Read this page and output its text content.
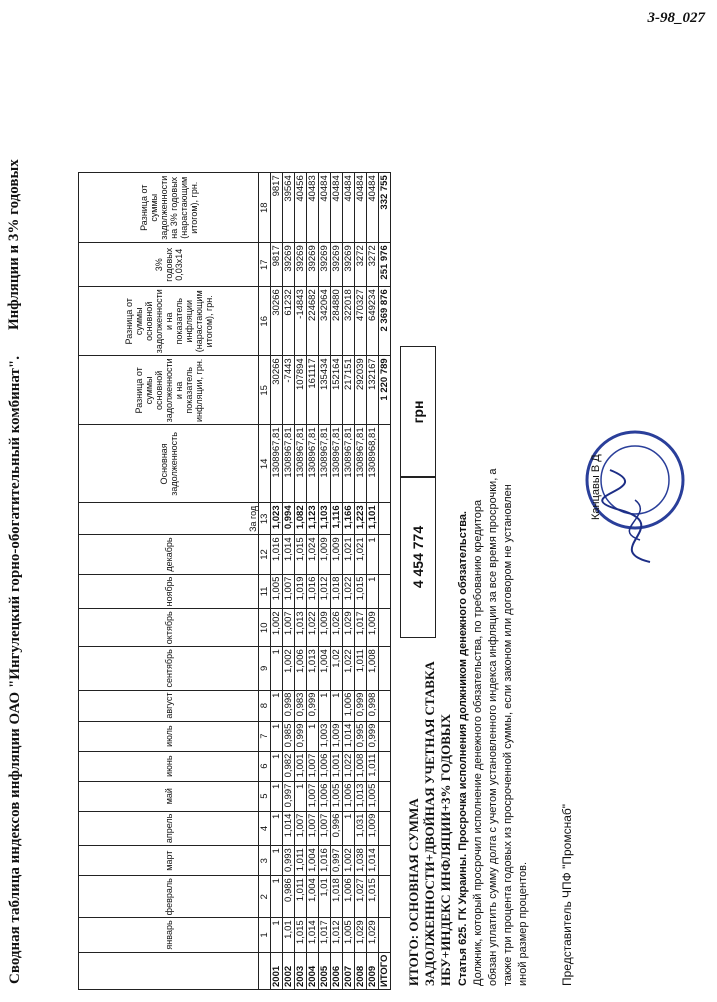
3-98_027
Сводная таблица индексов инфляции ОАО "Ингулецкий горно-обогатительный комбинат".
Инфляции и 3% годовых
	январь	февраль	март	апрель	май	июнь	июль	август	сентябрь	октябрь	ноябрь	декабрь	За год	Основная задолженность	Разница от суммы основной задолженности и на показатель инфляции, грн.	Разница от суммы основной задолженности и на показатель инфляции (нарастающим итогом), грн.	3% годовых 0,03х14	Разница от суммы задолженности на 3% годовых (нарастающим итогом), грн.
	1	2	3	4	5	6	7	8	9	10	11	12	13	14	15	16	17	18
2001	1	1	1	1	1	1	1	1	1	1,002	1,005	1,016	1,023	1308967,81	30266	30266	9817	9817
2002	1,01	0,986	0,993	1,014	0,997	0,982	0,985	0,998	1,002	1,007	1,007	1,014	0,994	1308967,81	-7443	61232	39269	39564
2003	1,015	1,011	1,011	1,007	1	1,001	0,999	0,983	1,006	1,013	1,019	1,015	1,082	1308967,81	107894	-14843	39269	40456
2004	1,014	1,004	1,004	1,007	1,007	1,007	1	0,999	1,013	1,022	1,016	1,024	1,123	1308967,81	161117	224682	39269	40483
2005	1,017	1,01	1,016	1,007	1,006	1,006	1,003	1	1,004	1,009	1,012	1,009	1,103	1308967,81	135434	342064	39269	40484
2006	1,012	1,018	0,997	0,996	1,005	1,001	1,009	1	1,02	1,026	1,018	1,009	1,116	1308967,81	152164	284880	39269	40484
2007	1,005	1,006	1,002	1	1,006	1,022	1,014	1,006	1,022	1,029	1,022	1,021	1,166	1308967,81	217151	322018	39269	40484
2008	1,029	1,027	1,038	1,031	1,013	1,008	0,995	0,999	1,011	1,017	1,015	1,021	1,223	1308967,81	292039	470327	3272	40484
2009	1,029	1,015	1,014	1,009	1,005	1,011	0,999	0,998	1,008	1,009	1	1	1,101	1308968,81	132167	649234	3272	40484
ИТОГО															1 220 789	2 369 876	251 976	332 755
ИТОГО: ОСНОВНАЯ СУММА ЗАДОЛЖЕННОСТИ+ДВОЙНАЯ УЧЕТНАЯ СТАВКА НБУ+ИНДЕКС ИНФЛЯЦИИ+3% ГОДОВЫХ
4 454 774
грн
Статья 625. ГК Украины. Просрочка исполнения должником денежного обязательства. Должник, который просрочил исполнение денежного обязательства, по требованию кредитора обязан уплатить сумму долга с учетом установленного индекса инфляции за все время просрочки, а также три процента годовых из просроченной суммы, если законом или договором не установлен иной размер процентов.	Представитель ЧПФ "Промснаб"
Канцавы В Д
